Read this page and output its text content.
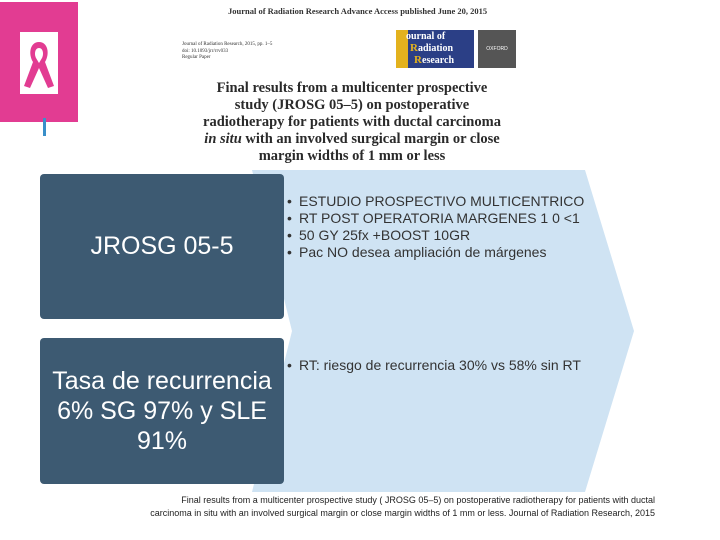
Journal of Radiation Research Advance Access published June 20, 2015
Journal of Radiation Research, 2015, pp. 1–5
doi: 10.1093/jrr/rrv033
Regular Paper
J ournal of
R adiation
R esearch
OXFORD
Final results from a multicenter prospective study (JROSG 05–5) on postoperative radiotherapy for patients with ductal carcinoma in situ with an involved surgical margin or close margin widths of 1 mm or less
JROSG 05-5
Tasa de recurrencia 6% SG 97% y SLE 91%
• ESTUDIO PROSPECTIVO MULTICENTRICO
• RT POST OPERATORIA MARGENES 1 0 <1
• 50 GY 25fx +BOOST 10GR
• Pac NO desea ampliación de márgenes
• RT: riesgo de recurrencia 30% vs 58% sin RT
Final results from a multicenter prospective study ( JROSG 05–5) on postoperative radiotherapy for patients with ductal carcinoma in situ with an involved surgical margin or close margin widths of 1 mm or less. Journal of Radiation Research, 2015
